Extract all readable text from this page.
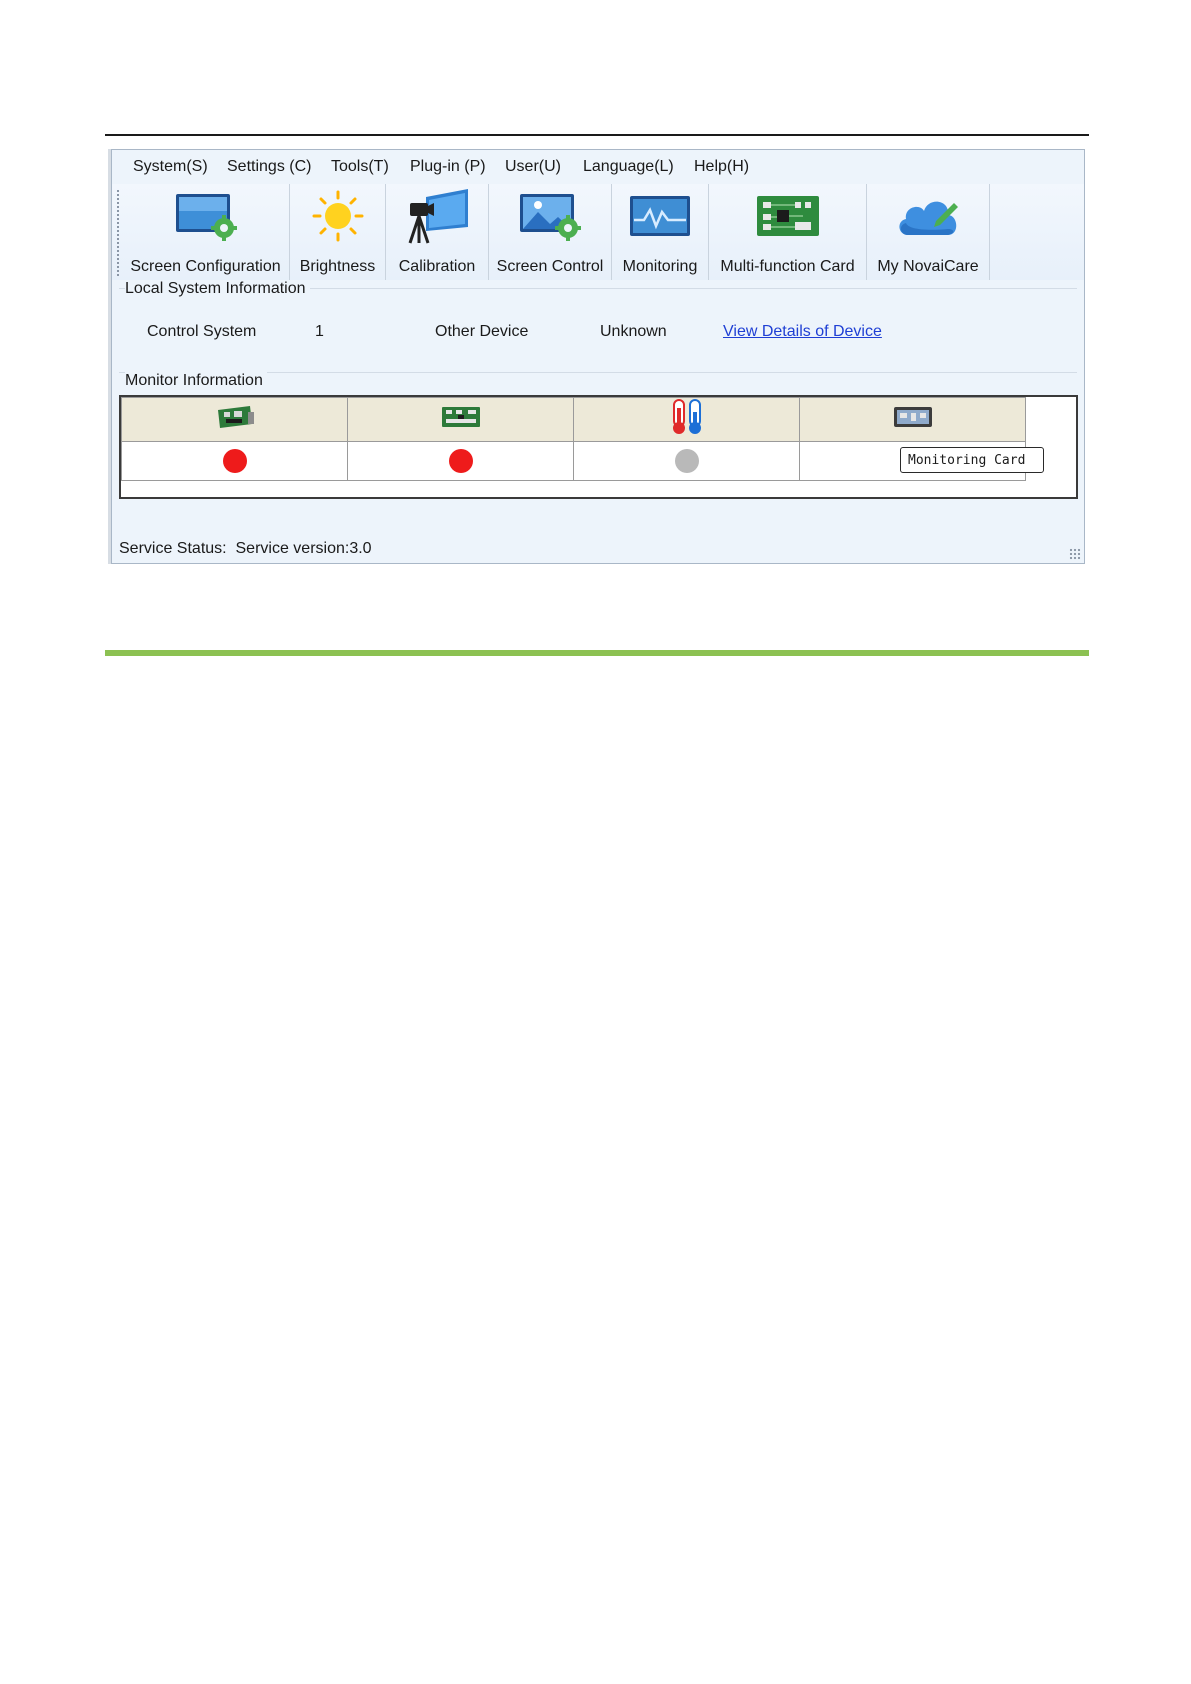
System(S) Settings (C) Tools(T) Plug-in (P) User(U) Language(L) Help(H)
Screen Configuration Brightness Calibration Screen Control Monitoring Multi-function Card My NovaiCare
Local System Information
Control System	1	Other Device	Unknown	View Details of Device
Monitor Information

Monitoring Card
Service Status: Service version:3.0
